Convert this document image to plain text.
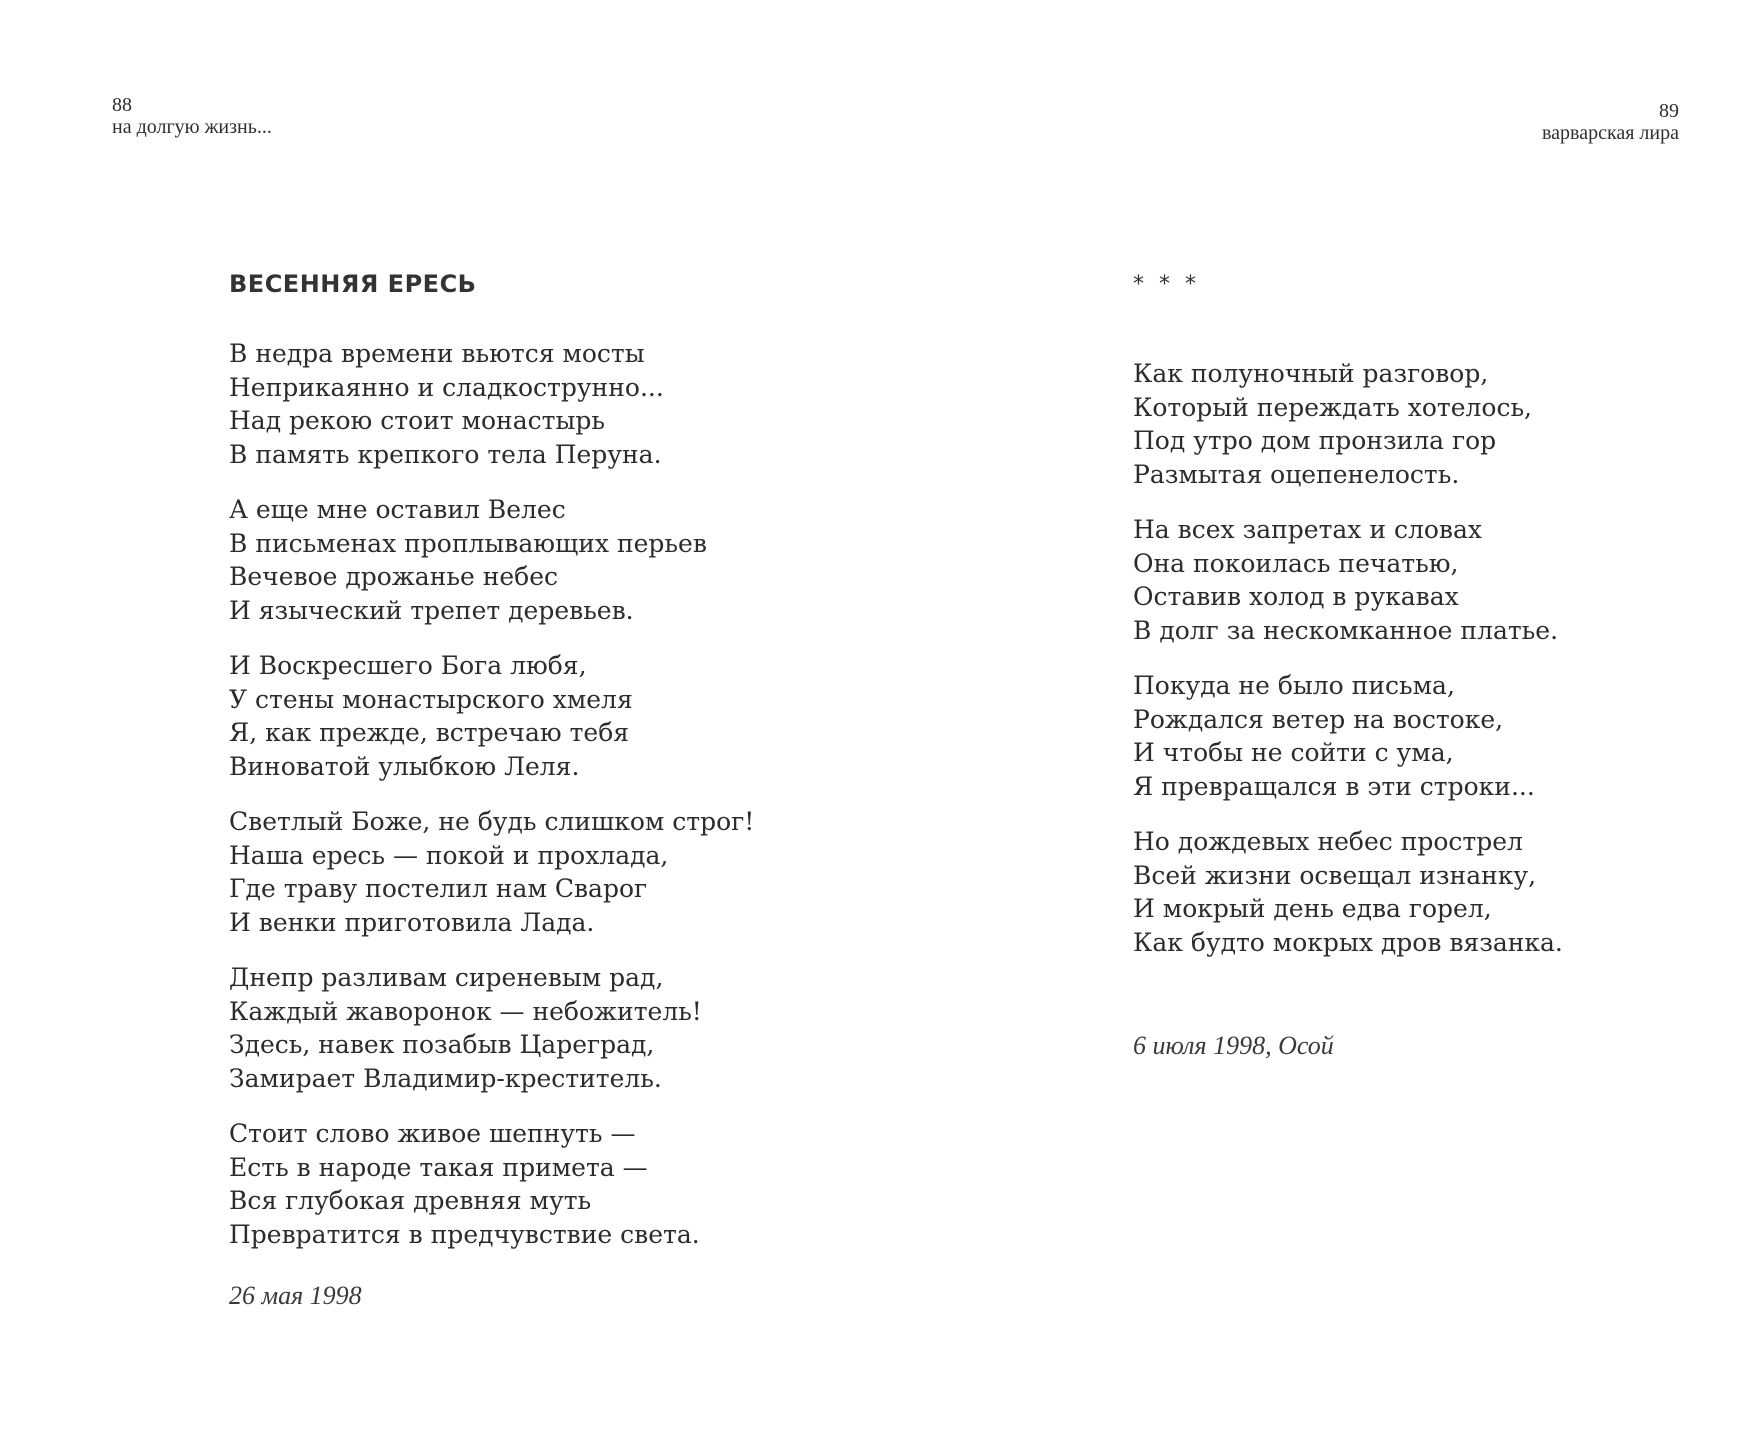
88
на долгую жизнь...
89
варварская лира
ВЕСЕННЯЯ ЕРЕСЬ
В недра времени вьются мосты
Неприкаянно и сладкострунно...
Над рекою стоит монастырь
В память крепкого тела Перуна.
А еще мне оставил Велес
В письменах проплывающих перьев
Вечевое дрожанье небес
И языческий трепет деревьев.
И Воскресшего Бога любя,
У стены монастырского хмеля
Я, как прежде, встречаю тебя
Виноватой улыбкою Леля.
Светлый Боже, не будь слишком строг!
Наша ересь — покой и прохлада,
Где траву постелил нам Сварог
И венки приготовила Лада.
Днепр разливам сиреневым рад,
Каждый жаворонок — небожитель!
Здесь, навек позабыв Цареград,
Замирает Владимир-креститель.
Стоит слово живое шепнуть —
Есть в народе такая примета —
Вся глубокая древняя муть
Превратится в предчувствие света.
26 мая 1998
* * *
Как полуночный разговор,
Который переждать хотелось,
Под утро дом пронзила гор
Размытая оцепенелость.
На всех запретах и словах
Она покоилась печатью,
Оставив холод в рукавах
В долг за нескомканное платье.
Покуда не было письма,
Рождался ветер на востоке,
И чтобы не сойти с ума,
Я превращался в эти строки...
Но дождевых небес прострел
Всей жизни освещал изнанку,
И мокрый день едва горел,
Как будто мокрых дров вязанка.
6 июля 1998, Осой
